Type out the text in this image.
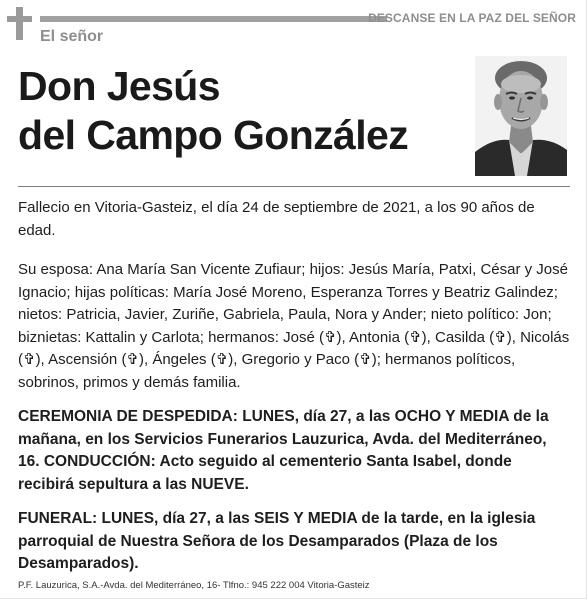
DESCANSE EN LA PAZ DEL SEÑOR
El señor
Don Jesús
del Campo González
Fallecio en Vitoria-Gasteiz, el día 24 de septiembre de 2021, a los 90 años de edad.
Su esposa: Ana María San Vicente Zufiaur; hijos: Jesús María, Patxi, César y José Ignacio; hijas políticas: María José Moreno, Esperanza Torres y Beatriz Galindez; nietos: Patricia, Javier, Zuriñe, Gabriela, Paula, Nora y Ander; nieto político: Jon; biznietas: Kattalin y Carlota; hermanos: José (✞), Antonia (✞), Casilda (✞), Nicolás (✞), Ascensión (✞), Ángeles (✞), Gregorio y Paco (✞); hermanos políticos, sobrinos, primos y demás familia.
CEREMONIA DE DESPEDIDA: LUNES, día 27, a las OCHO Y MEDIA de la mañana, en los Servicios Funerarios Lauzurica, Avda. del Mediterráneo, 16. CONDUCCIÓN: Acto seguido al cementerio Santa Isabel, donde recibirá sepultura a las NUEVE.
FUNERAL: LUNES, día 27, a las SEIS Y MEDIA de la tarde, en la iglesia parroquial de Nuestra Señora de los Desamparados (Plaza de los Desamparados).
P.F. Lauzurica, S.A.-Avda. del Mediterráneo, 16- Tlfno.: 945 222 004 Vitoria-Gasteiz
